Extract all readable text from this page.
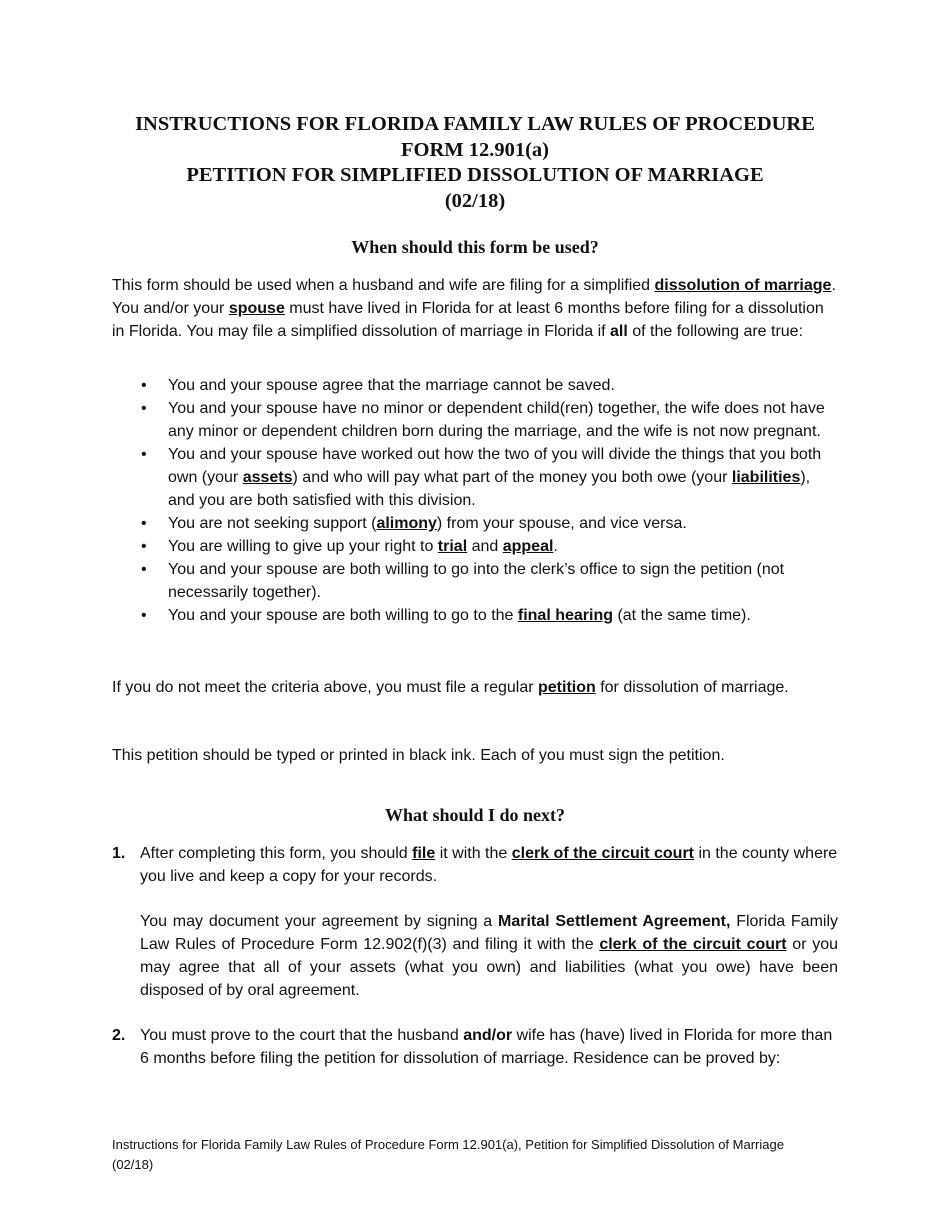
INSTRUCTIONS FOR FLORIDA FAMILY LAW RULES OF PROCEDURE
FORM 12.901(a)
PETITION FOR SIMPLIFIED DISSOLUTION OF MARRIAGE
(02/18)
When should this form be used?

This form should be used when a husband and wife are filing for a simplified dissolution of marriage. You and/or your spouse must have lived in Florida for at least 6 months before filing for a dissolution in Florida. You may file a simplified dissolution of marriage in Florida if all of the following are true:

• You and your spouse agree that the marriage cannot be saved.
• You and your spouse have no minor or dependent child(ren) together, the wife does not have any minor or dependent children born during the marriage, and the wife is not now pregnant.
• You and your spouse have worked out how the two of you will divide the things that you both own (your assets) and who will pay what part of the money you both owe (your liabilities), and you are both satisfied with this division.
• You are not seeking support (alimony) from your spouse, and vice versa.
• You are willing to give up your right to trial and appeal.
• You and your spouse are both willing to go into the clerk’s office to sign the petition (not necessarily together).
• You and your spouse are both willing to go to the final hearing (at the same time).

If you do not meet the criteria above, you must file a regular petition for dissolution of marriage.

This petition should be typed or printed in black ink. Each of you must sign the petition.

What should I do next?
1. After completing this form, you should file it with the clerk of the circuit court in the county where you live and keep a copy for your records.
You may document your agreement by signing a Marital Settlement Agreement, Florida Family Law Rules of Procedure Form 12.902(f)(3) and filing it with the clerk of the circuit court or you may agree that all of your assets (what you own) and liabilities (what you owe) have been disposed of by oral agreement.
2. You must prove to the court that the husband and/or wife has (have) lived in Florida for more than 6 months before filing the petition for dissolution of marriage. Residence can be proved by:
Instructions for Florida Family Law Rules of Procedure Form 12.901(a), Petition for Simplified Dissolution of Marriage (02/18)
